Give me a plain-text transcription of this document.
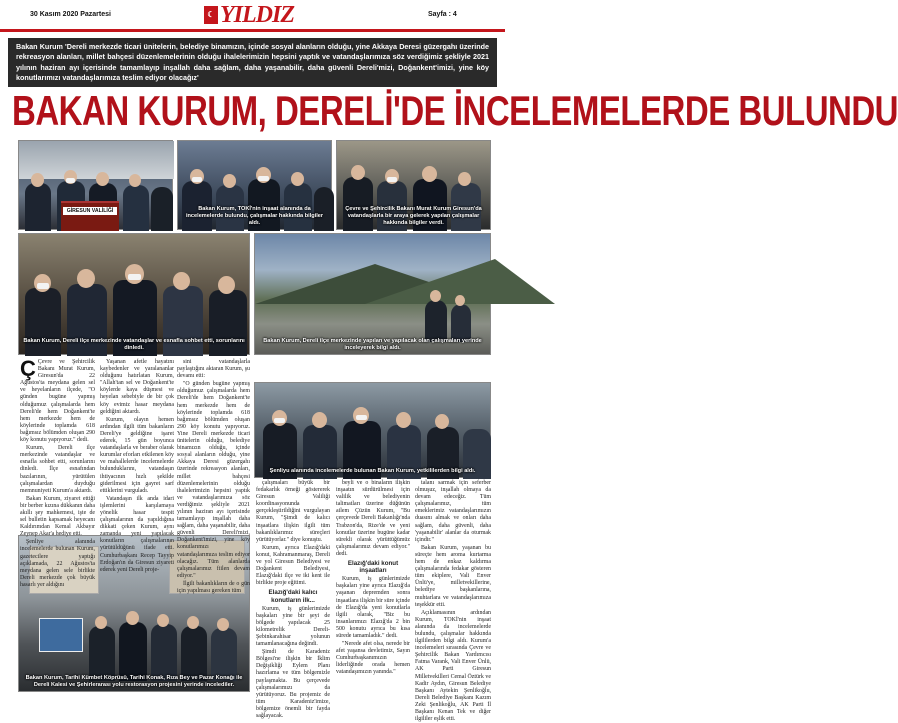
30 Kasım 2020 Pazartesi	☾ YILDIZ	Sayfa : 4

Bakan Kurum 'Dereli merkezde ticari ünitelerin, belediye binamızın, içinde sosyal alanların olduğu, yine Akkaya Deresi güzergahı üzerinde rekreasyon alanları, millet bahçesi düzenlemelerinin olduğu ihalelerimizin hepsini yaptık ve vatandaşlarımıza söz verdiğimiz şekliyle 2021 yılının haziran ayı içerisinde tamamlayıp inşallah daha sağlam, daha yaşanabilir, daha güvenli Dereli'mizi, Doğankent'imizi, yine köy konutlarımızı vatandaşlarımıza teslim ediyor olacağız'

BAKAN KURUM, DERELİ'DE İNCELEMELERDE BULUNDU
GİRESUN VALİLİĞİ	Bakan Kurum, TOKİ'nin inşaat alanında da incelemelerde bulundu, çalışmalar hakkında bilgiler aldı.
Çevre ve Şehircilik Bakanı Murat Kurum Giresun'da vatandaşlarla bir araya gelerek yapılan çalışmalar hakkında bilgiler verdi.
Bakan Kurum, Dereli ilçe merkezinde vatandaşlar ve esnafla sohbet etti, sorunlarını dinledi.
Bakan Kurum, Dereli ilçe merkezinde yapılan ve yapılacak olan çalışmaları yerinde inceleyerek bilgi aldı.
Şenliyu alanında incelemelerde bulunan Bakan Kurum, yetkililerden bilgi aldı.
Bakan Kurum, Tarihi Kümbet Köprüsü, Tarihi Konak, Rıza Bey ve Pazar Konağı ile Dereli Kalesi ve Şehirlerarası yolu restorasyon projesini yerinde incelediler.

Ç Çevre ve Şehircilik Bakanı Murat Kurum, Giresun'da 22 Ağustos'ta meydana gelen sel ve heyelanların ilçede, "O günden bugüne yapmış olduğumuz çalışmalarda hem Dereli'de hem Doğankent'te hem merkezde hem de köylerinde toplamda 618 bağımsız bölümden oluşan 290 köy konutu yapıyoruz." dedi.

Kurum, Dereli ilçe merkezinde vatandaşlar ve esnafla sohbet etti, sorunlarını dinledi. İlçe esnafından bazılarının, yürütülen çalışmalardan duyduğu memnuniyeti Kurum'a aktardı.

Bakan Kurum, ziyaret ettiği bir berber kızına dükkanın daha akıllı şey mahkemesi, işte de sel bulletin kapsamak heyecanı Kaldırımdan Kemal Akbayır Zeynep Akar'a hediye etti.

Şenliye alanında incelemelerde bulunan Kurum, gazetecilere yaptığı açıklamada, 22 Ağustos'ta meydana gelen sele birlikte Dereli merkezde çok büyük hasarlı yer aldığını

Yaşanan afetle hayatını kaybedenler ve yaralananlar olduğunu hatırlatan Kurum, "Allah'tan sel ve Doğankent'te köylerde kaya düşmesi ve heyelan sebebiyle de bir çok köy evimiz hasar meydana geldiğini aktardı.

Kurum, olayın hemen ardından ilgili tüm bakanların Dereli'ye geldiğine işaret ederek, 15 gün boyunca vatandaşlarla ve beraber olarak kurumlar eforları etkilenen köy ve mahallelerde incelemelerde bulunduklarını, vatandaşın ihtiyacının hızlı şekilde giderilmesi için gayret sarf ettiklerini vurguladı.

Vatandaşın ilk anda idari işlemlerini karşılamaya yönelik hasar tespit çalışmalarının da yapıldığına dikkati çeken Kurum, aynı zamanda yeni yapılacak konutların çalışmalarının yürütüldüğünü ifade etti. Cumhurbaşkanı Recep Tayyip Erdoğan'ın da Giresun ziyareti ederek yeni Dereli proje-

sini vatandaşlarla paylaştığını aktaran Kurum, şu devamı etti:

"O günden bugüne yapmış olduğumuz çalışmalarda hem Dereli'de hem Doğankent'te hem merkezde hem de köylerinde toplamda 618 bağımsız bölümden oluşan 290 köy konutu yapıyoruz. Yine Dereli merkezde ticari ünitelerin olduğu, belediye binamızın olduğu, içinde sosyal alanların olduğu, yine Akkaya Deresi güzergahı üzerinde rekreasyon alanları, millet bahçesi düzenlemelerinin olduğu ihalelerimizin hepsini yaptık ve vatandaşlarımıza söz verdiğimiz şekliyle 2021 yılının haziran ayı içerisinde tamamlayıp inşallah daha sağlam, daha yaşanabilir, daha güvenli Dereli'mizi, Doğankent'imizi, yine köy konutlarımızı vatandaşlarımıza teslim ediyor olacağız. Tüm alanlarda çalışmalarımız fiilen devam ediyor."

İlgili bakanlıkların de o gün için yapılması gereken tüm

çalışmaları büyük bir fedakarlık örneği göstererek Giresun Valiliği koordinasyonunda gerçekleştirildiğini vurgulayan Kurum, "Şimdi de kalıcı inşaatlara ilişkin ilgili tüm bakanlıklarımız süreçleri yürütüyorlar." diye konuştu.

Kurum, ayrıca Elazığ'daki konut, Kahramanmaraş, Dereli ve yol Giresun Belediyesi ve Doğankent Belediyesi, Elazığ'daki ilçe ve iki kent ile birlikte proje eğitimi.

Elazığ'daki kalıcı konutların ilk...

Kurum, iş günlerimizde başkaları yine bir şeyi de bölgede yapılacak 25 kilometrelik Dereli-Şebinkarahisar yolunun tamamlanacağına değindi.

Şimdi de Karadeniz Bölgesi'ne ilişkin bir İklim Değişikliği Eylem Planı hazırlama ve tüm bölgemizle paylaşmakta. Bu çerçevede çalışmalarımızı da yürütüyoruz. Bu projemiz de tüm Karadeniz'imize, bölgemize önemli bir fayda sağlayacak.

beyli ve o binaların ilişkin inşaatın sürdürülmesi için valilik ve belediyenin talimatları üzerine düğünün ailem Çüzün Kurum, "Bu çerçevede Dereli Bakanlığı'nda Trabzon'da, Rize'de ve yeni konutlar üzerine bugüne kadar sürekli olarak yürüttüğümüz çalışmalarımız devam ediyor." dedi.

Elazığ'daki konut inşaatları

Kurum, iş günlerimizde başkaları yine ayrıca Elazığ'da yaşanan depremden sonra inşaatlara ilişkin bir süre içinde de Elazığ'da yeni konutlarla ilgili olarak, "Biz bu insanlarımızı Elazığ'da 2 bin 500 konutu ayrıca bu kısa sürede tamamladık." dedi.

"Nerede afet olsa, nerede bir afet yaşansa devletimiz, Sayın Cumhurbaşkanımızın liderliğinde orada hemen vatandaşımızın yanında."

talanı sarmak için seferber olmuşuz, inşallah olmaya da devam edeceğiz. Tüm çalışmalarımız, tüm emeklerimiz vatandaşlarımızın duasını almak ve onları daha sağlam, daha güvenli, daha 'yaşanabilir' alanlar da oturmak içindir."

Bakan Kurum, yaşanan bu süreçte hem aroma kurtarma hem de enkaz kaldırma çalışmalarında fedakar gösteren tüm ekiplere, Vali Enver Ünlü'ye, milletvekillerine, belediye başkanlarına, muhtarlara ve vatandaşlarımıza teşekkür etti.

Açıklamasının ardından Kurum, TOKİ'nin inşaat alanında da incelemelerde bulundu, çalışmalar hakkında ilgililerden bilgi aldı. Kurum'a incelemeleri sırasında Çevre ve Şehircilik Bakan Yardımcısı Fatma Varank, Vali Enver Ünlü, AK Parti Giresun Milletvekilleri Cemal Öztürk ve Kadir Aydın, Giresun Belediye Başkanı Aytekin Şenlikoğlu, Dereli Belediye Başkanı Kazım Zeki Şenlikoğlu, AK Parti İl Başkanı Kenan Tek ve diğer ilgililer eşlik etti.
